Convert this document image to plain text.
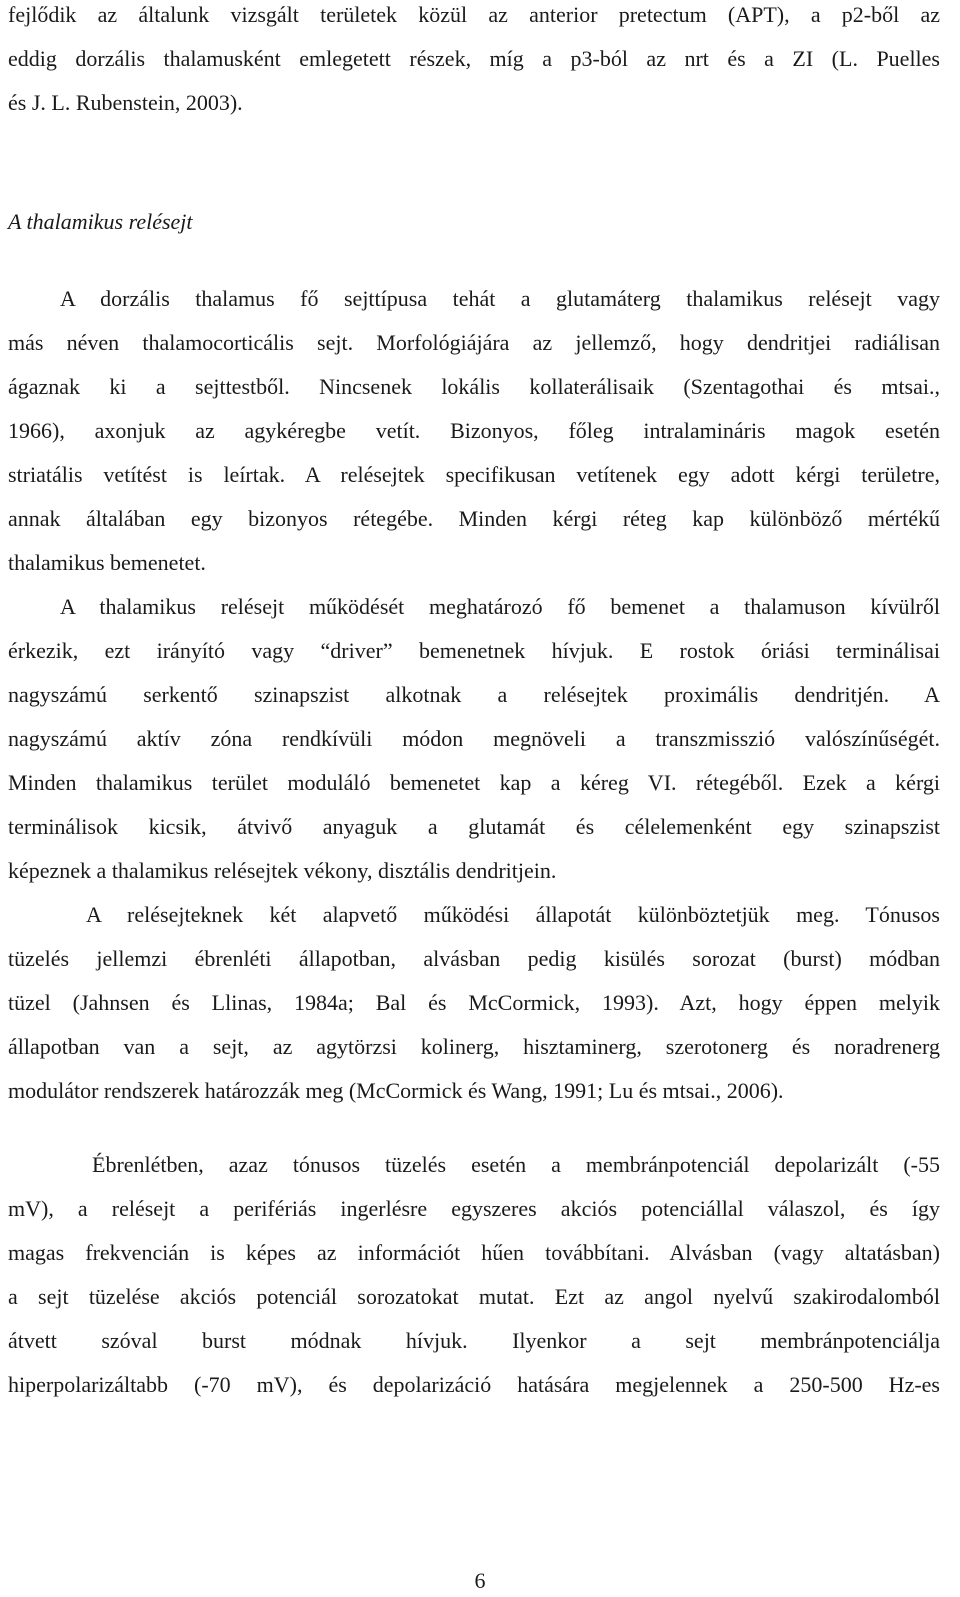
fejlődik az általunk vizsgált területek közül az anterior pretectum (APT), a p2-ből az
eddig dorzális thalamusként emlegetett részek, míg a p3-ból az nrt és a ZI (L. Puelles
és J. L. Rubenstein, 2003).
A thalamikus relésejt
A dorzális thalamus fő sejttípusa tehát a glutamáterg thalamikus relésejt vagy
más néven thalamocorticális sejt. Morfológiájára az jellemző, hogy dendritjei radiálisan
ágaznak ki a sejttestből. Nincsenek lokális kollaterálisaik (Szentagothai és mtsai.,
1966), axonjuk az agykéregbe vetít. Bizonyos, főleg intralamináris magok esetén
striatális vetítést is leírtak. A relésejtek specifikusan vetítenek egy adott kérgi területre,
annak általában egy bizonyos rétegébe. Minden kérgi réteg kap különböző mértékű
thalamikus bemenetet.
A thalamikus relésejt működését meghatározó fő bemenet a thalamuson kívülről
érkezik, ezt irányító vagy “driver” bemenetnek hívjuk. E rostok óriási terminálisai
nagyszámú serkentő szinapszist alkotnak a relésejtek proximális dendritjén. A
nagyszámú aktív zóna rendkívüli módon megnöveli a transzmisszió valószínűségét.
Minden thalamikus terület moduláló bemenetet kap a kéreg VI. rétegéből. Ezek a kérgi
terminálisok kicsik, átvivő anyaguk a glutamát és célelemenként egy szinapszist
képeznek a thalamikus relésejtek vékony, disztális dendritjein.
A relésejteknek két alapvető működési állapotát különböztetjük meg. Tónusos
tüzelés jellemzi ébrenléti állapotban, alvásban pedig kisülés sorozat (burst) módban
tüzel (Jahnsen és Llinas, 1984a; Bal és McCormick, 1993). Azt, hogy éppen melyik
állapotban van a sejt, az agytörzsi kolinerg, hisztaminerg, szerotonerg és noradrenerg
modulátor rendszerek határozzák meg (McCormick és Wang, 1991; Lu és mtsai., 2006).
Ébrenlétben, azaz tónusos tüzelés esetén a membránpotenciál depolarizált (-55
mV), a relésejt a perifériás ingerlésre egyszeres akciós potenciállal válaszol, és így
magas frekvencián is képes az információt hűen továbbítani. Alvásban (vagy altatásban)
a sejt tüzelése akciós potenciál sorozatokat mutat. Ezt az angol nyelvű szakirodalomból
átvett szóval burst módnak hívjuk. Ilyenkor a sejt membránpotenciálja
hiperpolarizáltabb (-70 mV), és depolarizáció hatására megjelennek a 250-500 Hz-es
6
